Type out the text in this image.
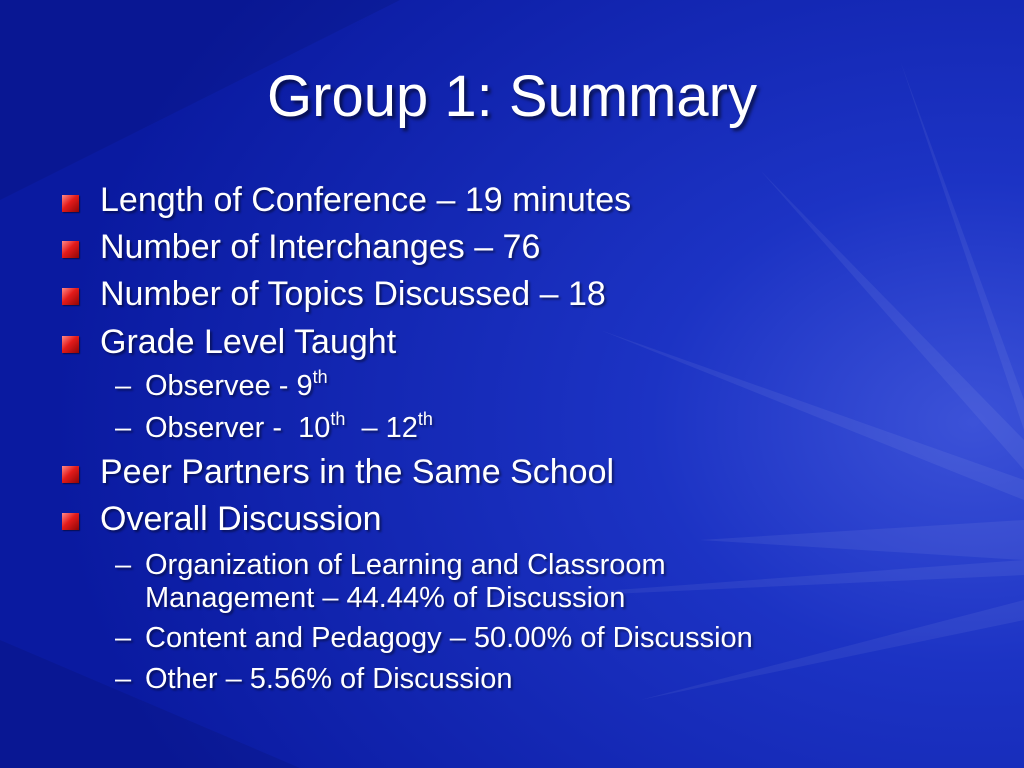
Group 1: Summary
Length of Conference – 19 minutes
Number of Interchanges – 76
Number of Topics Discussed – 18
Grade Level Taught
– Observee - 9th
– Observer -  10th  – 12th
Peer Partners in the Same School
Overall Discussion
– Organization of Learning and Classroom
Management – 44.44% of Discussion
– Content and Pedagogy – 50.00% of Discussion
– Other – 5.56% of Discussion
